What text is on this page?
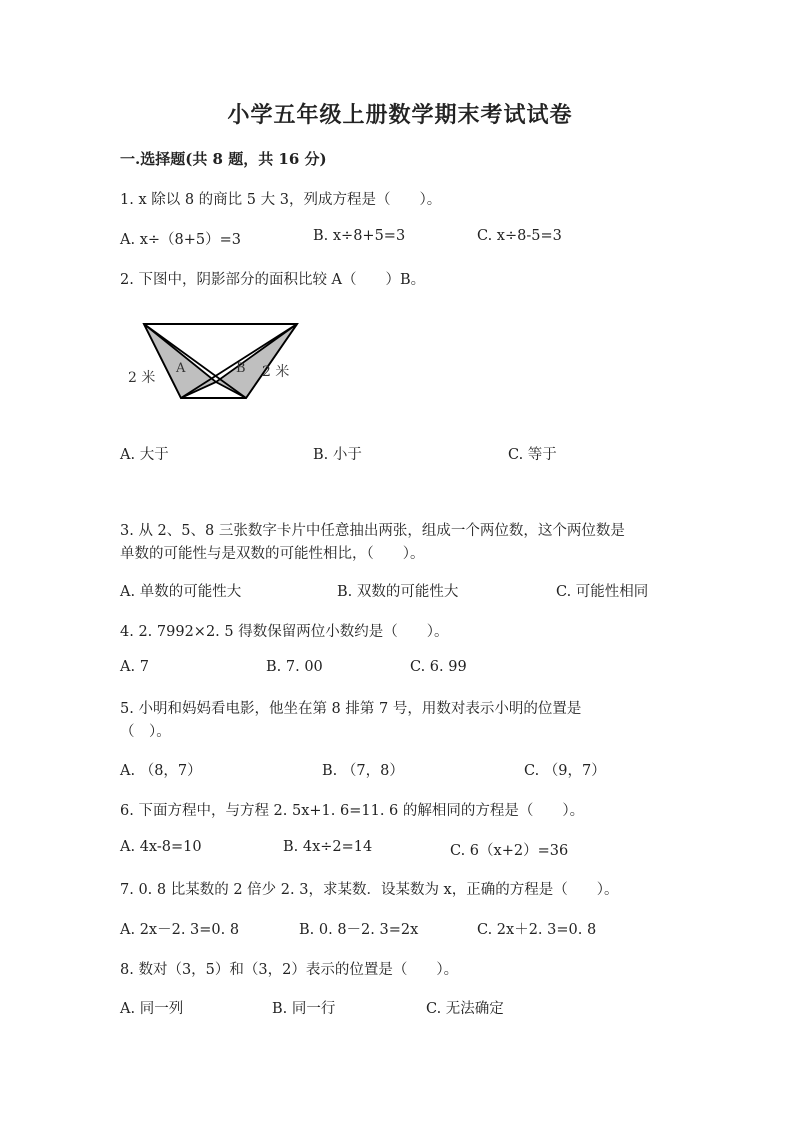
小学五年级上册数学期末考试试卷
一.选择题(共 8 题，共 16 分)
1. x 除以 8 的商比 5 大 3，列成方程是（　　）。
A. x÷（8+5）=3	B. x÷8+5=3	C. x÷8-5=3
2. 下图中，阴影部分的面积比较 A（　　）B。
A	B
2 米	2 米
A. 大于	B. 小于	C. 等于
3. 从 2、5、8 三张数字卡片中任意抽出两张，组成一个两位数，这个两位数是
单数的可能性与是双数的可能性相比，（　　）。
A. 单数的可能性大	B. 双数的可能性大	C. 可能性相同
4. 2. 7992×2. 5 得数保留两位小数约是（　　）。
A. 7	B. 7. 00	C. 6. 99
5. 小明和妈妈看电影，他坐在第 8 排第 7 号，用数对表示小明的位置是
（　）。
A. （8，7）	B. （7，8）	C. （9，7）
6. 下面方程中，与方程 2. 5x+1. 6=11. 6 的解相同的方程是（　　）。
A. 4x-8=10	B. 4x÷2=14	C. 6（x+2）=36
7. 0. 8 比某数的 2 倍少 2. 3，求某数．设某数为 x，正确的方程是（　　）。
A. 2x－2. 3=0. 8	B. 0. 8－2. 3=2x	C. 2x＋2. 3=0. 8
8. 数对（3，5）和（3，2）表示的位置是（　　）。
A. 同一列	B. 同一行	C. 无法确定
